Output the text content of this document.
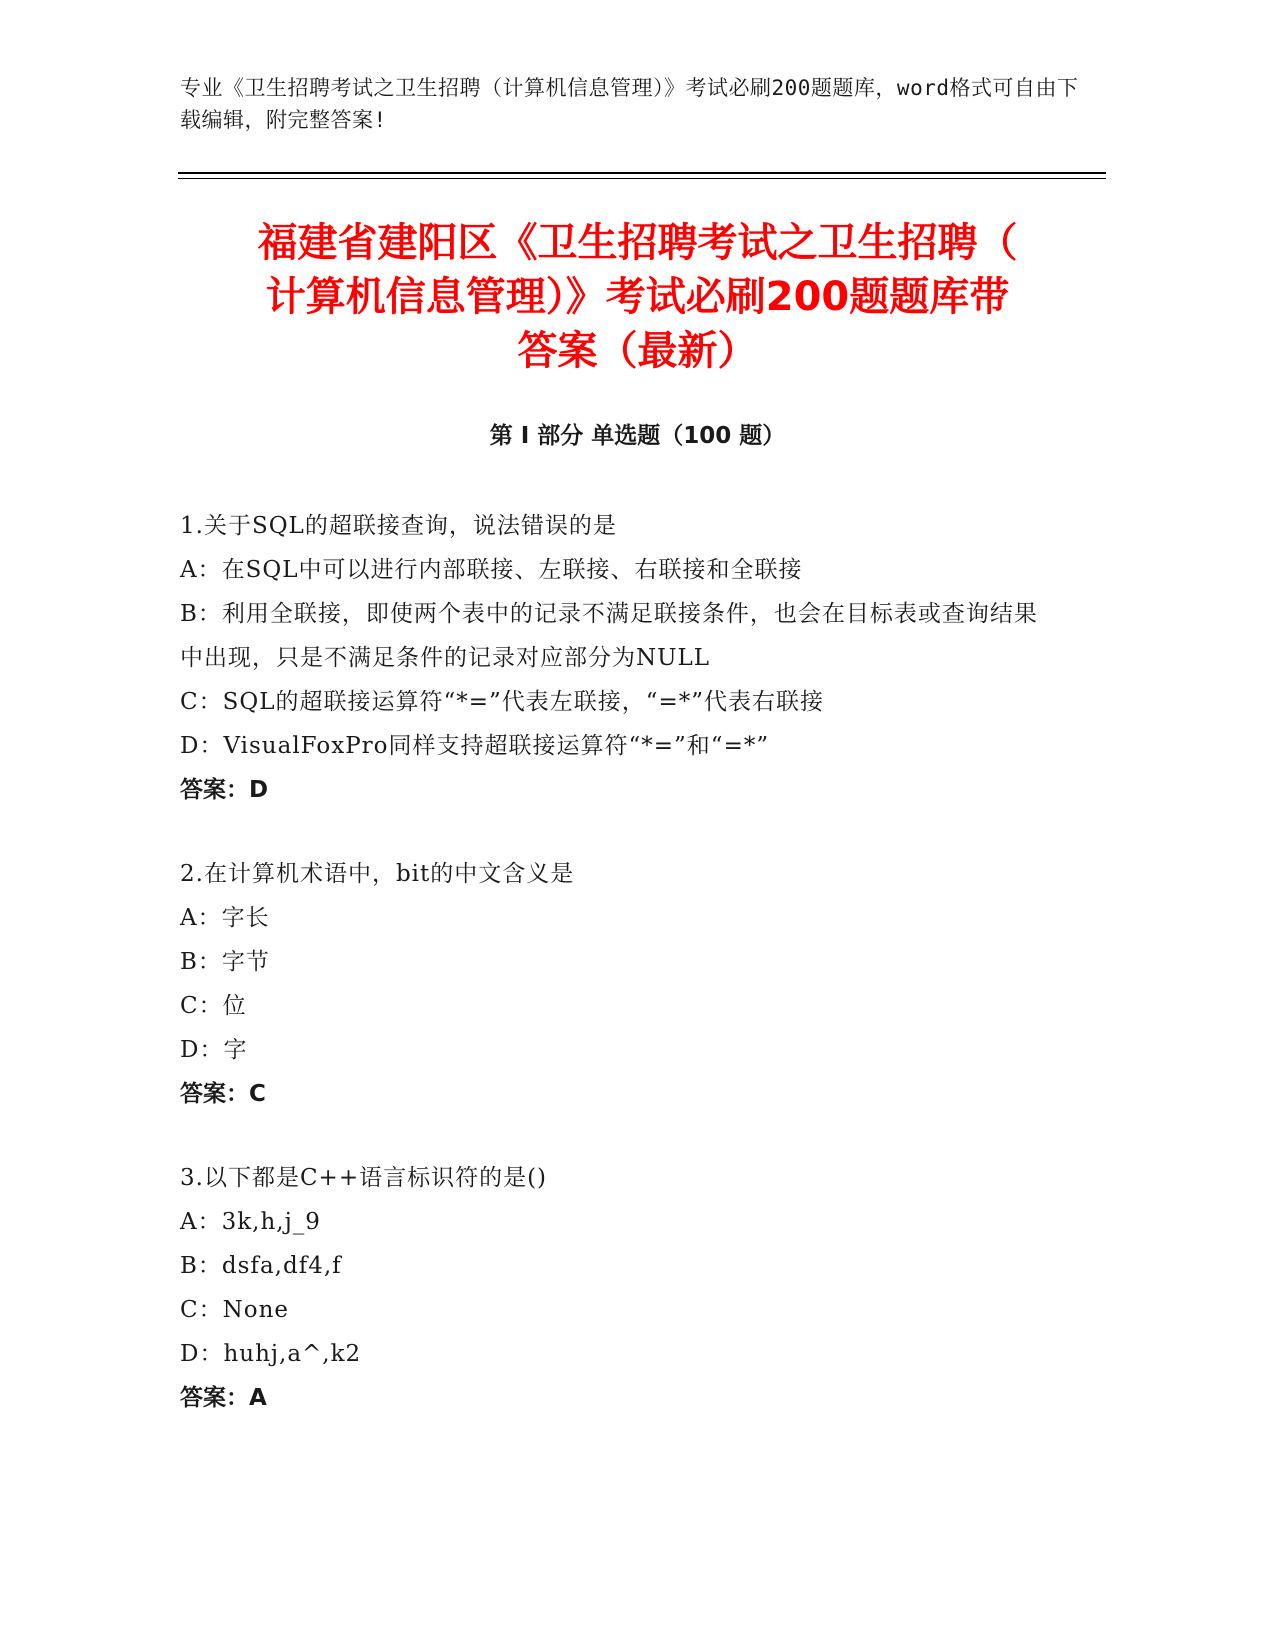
专业《卫生招聘考试之卫生招聘（计算机信息管理）》考试必刷200题题库，word格式可自由下载编辑，附完整答案!
福建省建阳区《卫生招聘考试之卫生招聘（
计算机信息管理）》考试必刷200题题库带
答案（最新）
第 I 部分 单选题（100 题）
1.关于SQL的超联接查询，说法错误的是
A：在SQL中可以进行内部联接、左联接、右联接和全联接
B：利用全联接，即使两个表中的记录不满足联接条件，也会在目标表或查询结果中出现，只是不满足条件的记录对应部分为NULL
C：SQL的超联接运算符“*=”代表左联接，“=*”代表右联接
D：VisualFoxPro同样支持超联接运算符“*=”和“=*”
答案：D
2.在计算机术语中，bit的中文含义是
A：字长
B：字节
C：位
D：字
答案：C
3.以下都是C++语言标识符的是()
A：3k,h,j_9
B：dsfa,df4,f
C：None
D：huhj,a^,k2
答案：A
